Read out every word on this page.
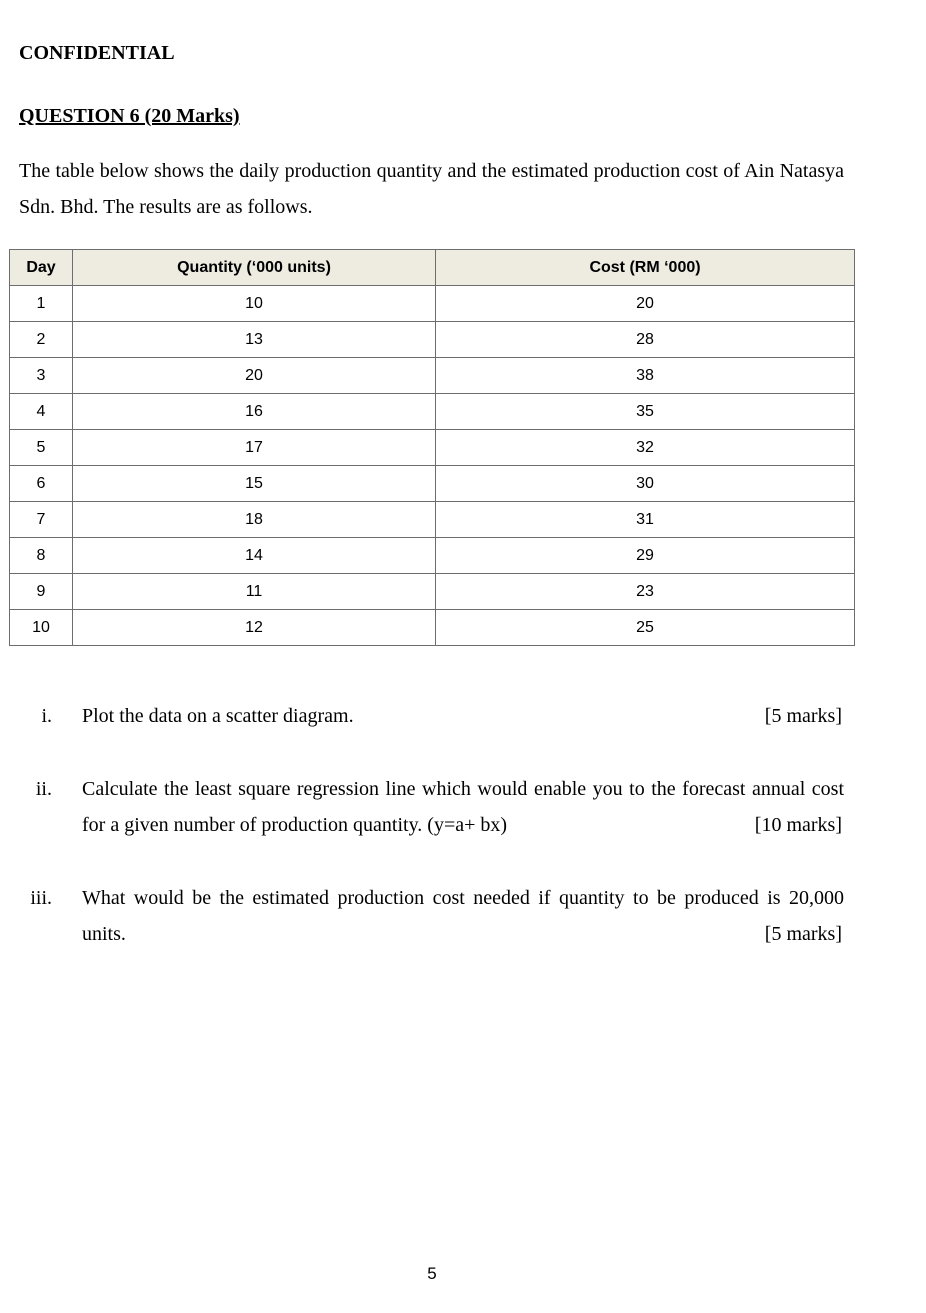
CONFIDENTIAL
QUESTION 6 (20 Marks)

The table below shows the daily production quantity and the estimated production cost of Ain Natasya Sdn. Bhd. The results are as follows.

Day	Quantity (‘000 units)	Cost (RM ‘000)
1	10	20
2	13	28
3	20	38
4	16	35
5	17	32
6	15	30
7	18	31
8	14	29
9	11	23
10	12	25
i. Plot the data on a scatter diagram.	[5 marks]
ii. Calculate the least square regression line which would enable you to the forecast annual cost for a given number of production quantity. (y=a+ bx)	[10 marks]
iii. What would be the estimated production cost needed if quantity to be produced is 20,000 units.	[5 marks]
5
